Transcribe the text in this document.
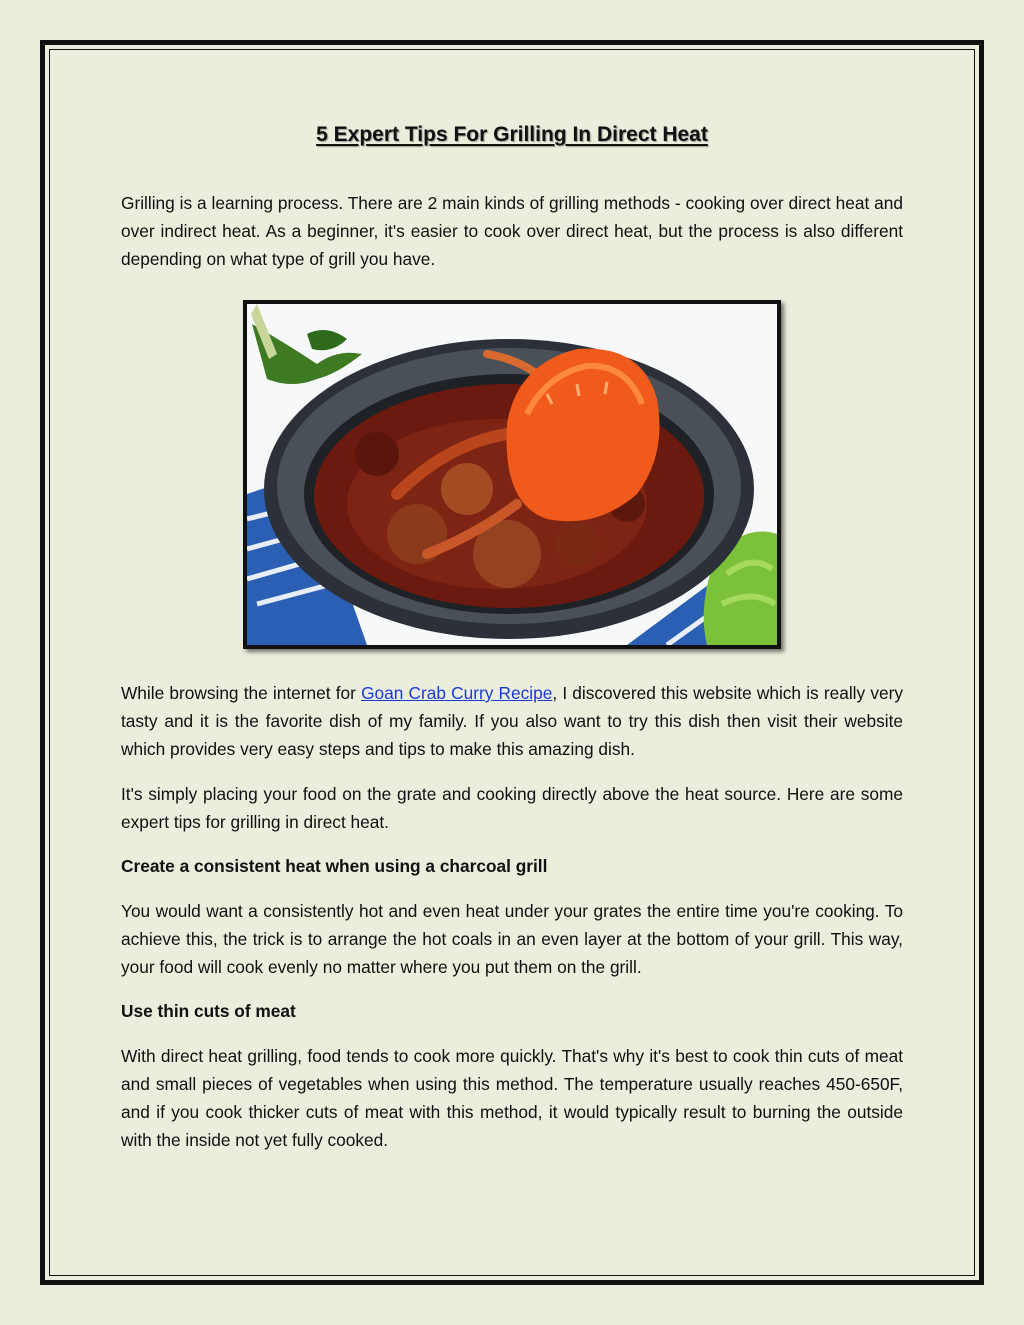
5 Expert Tips For Grilling In Direct Heat

Grilling is a learning process. There are 2 main kinds of grilling methods - cooking over direct heat and over indirect heat. As a beginner, it's easier to cook over direct heat, but the process is also different depending on what type of grill you have.

While browsing the internet for Goan Crab Curry Recipe, I discovered this website which is really very tasty and it is the favorite dish of my family. If you also want to try this dish then visit their website which provides very easy steps and tips to make this amazing dish.

It's simply placing your food on the grate and cooking directly above the heat source. Here are some expert tips for grilling in direct heat.

Create a consistent heat when using a charcoal grill

You would want a consistently hot and even heat under your grates the entire time you're cooking. To achieve this, the trick is to arrange the hot coals in an even layer at the bottom of your grill. This way, your food will cook evenly no matter where you put them on the grill.

Use thin cuts of meat

With direct heat grilling, food tends to cook more quickly. That's why it's best to cook thin cuts of meat and small pieces of vegetables when using this method. The temperature usually reaches 450-650F, and if you cook thicker cuts of meat with this method, it would typically result to burning the outside with the inside not yet fully cooked.
